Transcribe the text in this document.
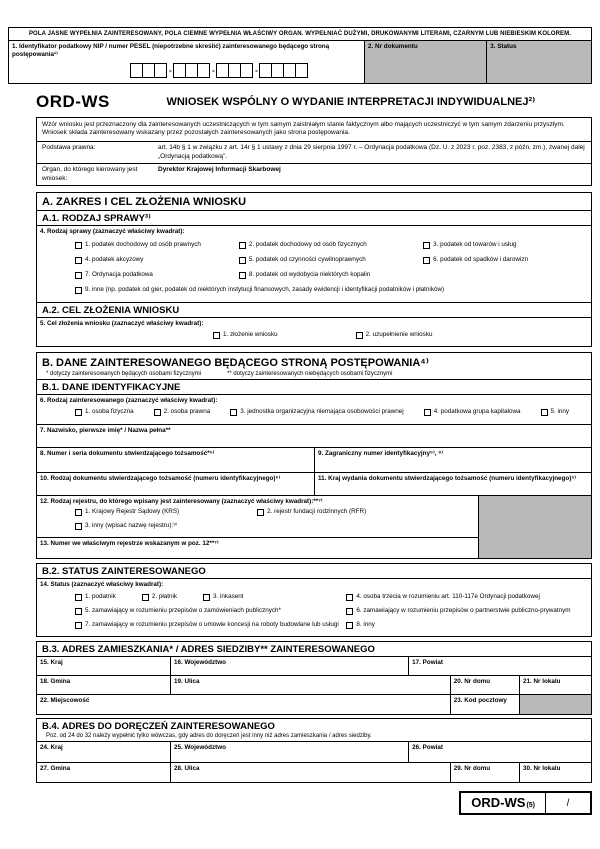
POLA JASNE WYPEŁNIA ZAINTERESOWANY, POLA CIEMNE WYPEŁNIA WŁAŚCIWY ORGAN. WYPEŁNIAĆ DUŻYMI, DRUKOWANYMI LITERAMI, CZARNYM LUB NIEBIESKIM KOLOREM.
1. Identyfikator podatkowy NIP / numer PESEL (niepotrzebne skreślić) zainteresowanego będącego stroną postępowania¹⁾
-	-	-
2. Nr dokumentu	3. Status
ORD-WS	WNIOSEK WSPÓLNY O WYDANIE INTERPRETACJI INDYWIDUALNEJ²⁾
Wzór wniosku jest przeznaczony dla zainteresowanych uczestniczących w tym samym zaistniałym stanie faktycznym albo mających uczestniczyć w tym samym zdarzeniu przyszłym. Wniosek składa zainteresowany wskazany przez pozostałych zainteresowanych jako strona postępowania.
Podstawa prawna:	art. 14b § 1 w związku z art. 14r § 1 ustawy z dnia 29 sierpnia 1997 r. – Ordynacja podatkowa (Dz. U. z 2023 r. poz. 2383, z późn. zm.), zwanej dalej „Ordynacją podatkową”.
Organ, do którego kierowany jest wniosek:
Dyrektor Krajowej Informacji Skarbowej
A. ZAKRES I CEL ZŁOŻENIA WNIOSKU
A.1. RODZAJ SPRAWY³⁾
4. Rodzaj sprawy (zaznaczyć właściwy kwadrat):
1. podatek dochodowy od osób prawnych	2. podatek dochodowy od osób fizycznych	3. podatek od towarów i usług
4. podatek akcyzowy	5. podatek od czynności cywilnoprawnych	6. podatek od spadków i darowizn
7. Ordynacja podatkowa	8. podatek od wydobycia niektórych kopalin
9. inne (np. podatek od gier, podatek od niektórych instytucji finansowych, zasady ewidencji i identyfikacji podatników i płatników)
A.2. CEL ZŁOŻENIA WNIOSKU
5. Cel złożenia wniosku (zaznaczyć właściwy kwadrat):
1. złożenie wniosku	2. uzupełnienie wniosku
B. DANE ZAINTERESOWANEGO BĘDĄCEGO STRONĄ POSTĘPOWANIA⁴⁾
* dotyczy zainteresowanych będących osobami fizycznymi	** dotyczy zainteresowanych niebędących osobami fizycznymi
B.1. DANE IDENTYFIKACYJNE
6. Rodzaj zainteresowanego (zaznaczyć właściwy kwadrat):
1. osoba fizyczna	2. osoba prawna	3. jednostka organizacyjna niemająca osobowości prawnej	4. podatkowa grupa kapitałowa	5. inny
7. Nazwisko, pierwsze imię* / Nazwa pełna**
8. Numer i seria dokumentu stwierdzającego tożsamość*⁵⁾	9. Zagraniczny numer identyfikacyjny⁵⁾, ⁹⁾
10. Rodzaj dokumentu stwierdzającego tożsamość (numeru identyfikacyjnego)⁵⁾	11. Kraj wydania dokumentu stwierdzającego tożsamość (numeru identyfikacyjnego)⁵⁾
12. Rodzaj rejestru, do którego wpisany jest zainteresowany (zaznaczyć właściwy kwadrat):**⁷⁾
1. Krajowy Rejestr Sądowy (KRS)	2. rejestr fundacji rodzinnych (RFR)
3. inny (wpisać nazwę rejestru):⁸⁾
13. Numer we właściwym rejestrze wskazanym w poz. 12**⁷⁾
B.2. STATUS ZAINTERESOWANEGO
14. Status (zaznaczyć właściwy kwadrat):
1. podatnik	2. płatnik	3. inkasent	4. osoba trzecia w rozumieniu art. 110-117e Ordynacji podatkowej
5. zamawiający w rozumieniu przepisów o zamówieniach publicznych*	6. zamawiający w rozumieniu przepisów o partnerstwie publiczno-prywatnym
7. zamawiający w rozumieniu przepisów o umowie koncesji na roboty budowlane lub usługi	8. inny
B.3. ADRES ZAMIESZKANIA* / ADRES SIEDZIBY** ZAINTERESOWANEGO
15. Kraj	16. Województwo	17. Powiat
18. Gmina	19. Ulica	20. Nr domu	21. Nr lokalu
22. Miejscowość	23. Kod pocztowy
B.4. ADRES DO DORĘCZEŃ ZAINTERESOWANEGO
Poz. od 24 do 32 należy wypełnić tylko wówczas, gdy adres do doręczeń jest inny niż adres zamieszkania / adres siedziby.
24. Kraj	25. Województwo	26. Powiat
27. Gmina	28. Ulica	29. Nr domu	30. Nr lokalu
ORD-WS (5)	/
